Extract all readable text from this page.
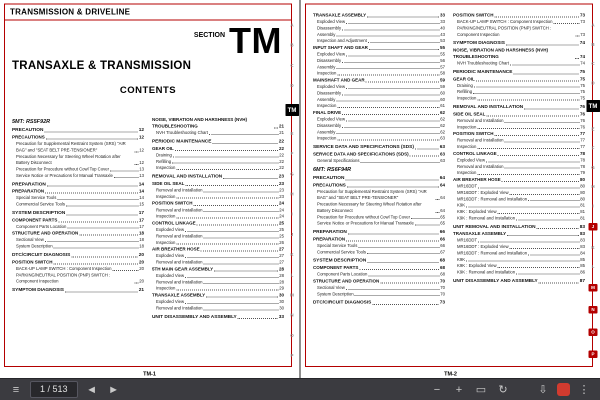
TRANSMISSION & DRIVELINE
SECTION TM
TRANSAXLE & TRANSMISSION
CONTENTS
5MT: RS5F92R
PRECAUTION	12
PRECAUTIONS	12
Precaution for Supplemental Restraint System (SRS) "AIR BAG" and "SEAT BELT PRE-TENSIONER"	12
Precaution Necessary for Steering Wheel Rotation after Battery Disconnect	12
Precaution for Procedure without Cowl Top Cover	13
Service Notice or Precautions for Manual Transaxle	13
PREPARATION	14
PREPARATION	14
Special Service Tools	14
Commercial Service Tools	15
SYSTEM DESCRIPTION	17
COMPONENT PARTS	17
Component Parts Location	17
STRUCTURE AND OPERATION	18
Sectional View	18
System Description	18
DTC/CIRCUIT DIAGNOSIS	20
POSITION SWITCH	20
BACK-UP LAMP SWITCH : Component Inspection	20
PARKING/NEUTRAL POSITION (PNP) SWITCH : Component Inspection	20
SYMPTOM DIAGNOSIS	21
NOISE, VIBRATION AND HARSHNESS (NVH) TROUBLESHOOTING	21
NVH Troubleshooting Chart	21
PERIODIC MAINTENANCE	22
GEAR OIL	22
Draining	22
Refilling	22
Inspection	22
REMOVAL AND INSTALLATION	23
SIDE OIL SEAL	23
Removal and Installation	23
Inspection	23
POSITION SWITCH	24
Removal and Installation	24
Inspection	24
CONTROL LINKAGE	25
Exploded View	25
Removal and Installation	25
Inspection	26
AIR BREATHER HOSE	27
Exploded View	27
Removal and Installation	27
5TH MAIN GEAR ASSEMBLY	28
Exploded View	28
Removal and Installation	28
Inspection	29
TRANSAXLE ASSEMBLY	30
Exploded View	30
Removal and Installation	30
UNIT DISASSEMBLY AND ASSEMBLY	33
A
B
C
D
TM
E
F
G
H
I
J
K
L
M
N
O
P
TM-1
TRANSAXLE ASSEMBLY	33
Exploded View	33
Disassembly	40
Assembly	43
Inspection and Adjustment	53
INPUT SHAFT AND GEAR	55
Exploded View	55
Disassembly	56
Assembly	57
Inspection	58
MAINSHAFT AND GEAR	59
Exploded View	59
Disassembly	60
Assembly	60
Inspection	61
FINAL DRIVE	62
Exploded View	62
Disassembly	62
Assembly	62
Inspection	63
SERVICE DATA AND SPECIFICATIONS (SDS)	63
SERVICE DATA AND SPECIFICATIONS (SDS)	63
General Specifications	63
6MT: RS6F94R
PRECAUTION	64
PRECAUTIONS	64
Precaution for Supplemental Restraint System (SRS) "AIR BAG" and "SEAT BELT PRE-TENSIONER"	64
Precaution Necessary for Steering Wheel Rotation after Battery Disconnect	64
Precaution for Procedure without Cowl Top Cover	65
Service Notice or Precautions for Manual Transaxle	65
PREPARATION	66
PREPARATION	66
Special Service Tools	66
Commercial Service Tools	67
SYSTEM DESCRIPTION	68
COMPONENT PARTS	68
Component Parts Location	68
STRUCTURE AND OPERATION	70
Sectional View	70
System Description	70
DTC/CIRCUIT DIAGNOSIS	73
POSITION SWITCH	73
BACK-UP LAMP SWITCH : Component Inspection	73
PARKING/NEUTRAL POSITION (PNP) SWITCH : Component Inspection	73
SYMPTOM DIAGNOSIS	74
NOISE, VIBRATION AND HARSHNESS (NVH) TROUBLESHOOTING	74
NVH Troubleshooting Chart	74
PERIODIC MAINTENANCE	75
GEAR OIL	75
Draining	75
Refilling	75
Inspection	75
REMOVAL AND INSTALLATION	76
SIDE OIL SEAL	76
Removal and Installation	76
Inspection	76
POSITION SWITCH	77
Removal and Installation	77
Inspection	77
CONTROL LINKAGE	78
Exploded View	78
Removal and Installation	78
Inspection	79
AIR BREATHER HOSE	80
MR16DDT	80
MR16DDT : Exploded View	80
MR16DDT : Removal and Installation	80
K9K	81
K9K : Exploded View	81
K9K : Removal and Installation	81
UNIT REMOVAL AND INSTALLATION	83
TRANSAXLE ASSEMBLY	83
MR16DDT	83
MR16DDT : Exploded View	83
MR16DDT : Removal and Installation	84
K9K	85
K9K : Exploded View	85
K9K : Removal and Installation	86
UNIT DISASSEMBLY AND ASSEMBLY	87
A
B
C
D
TM
E
F
G
H
I
J
K
L
M
N
O
P
TM-2
≡	1 / 513	◄ ►	−	+	▭	↻	⇩	⋮
